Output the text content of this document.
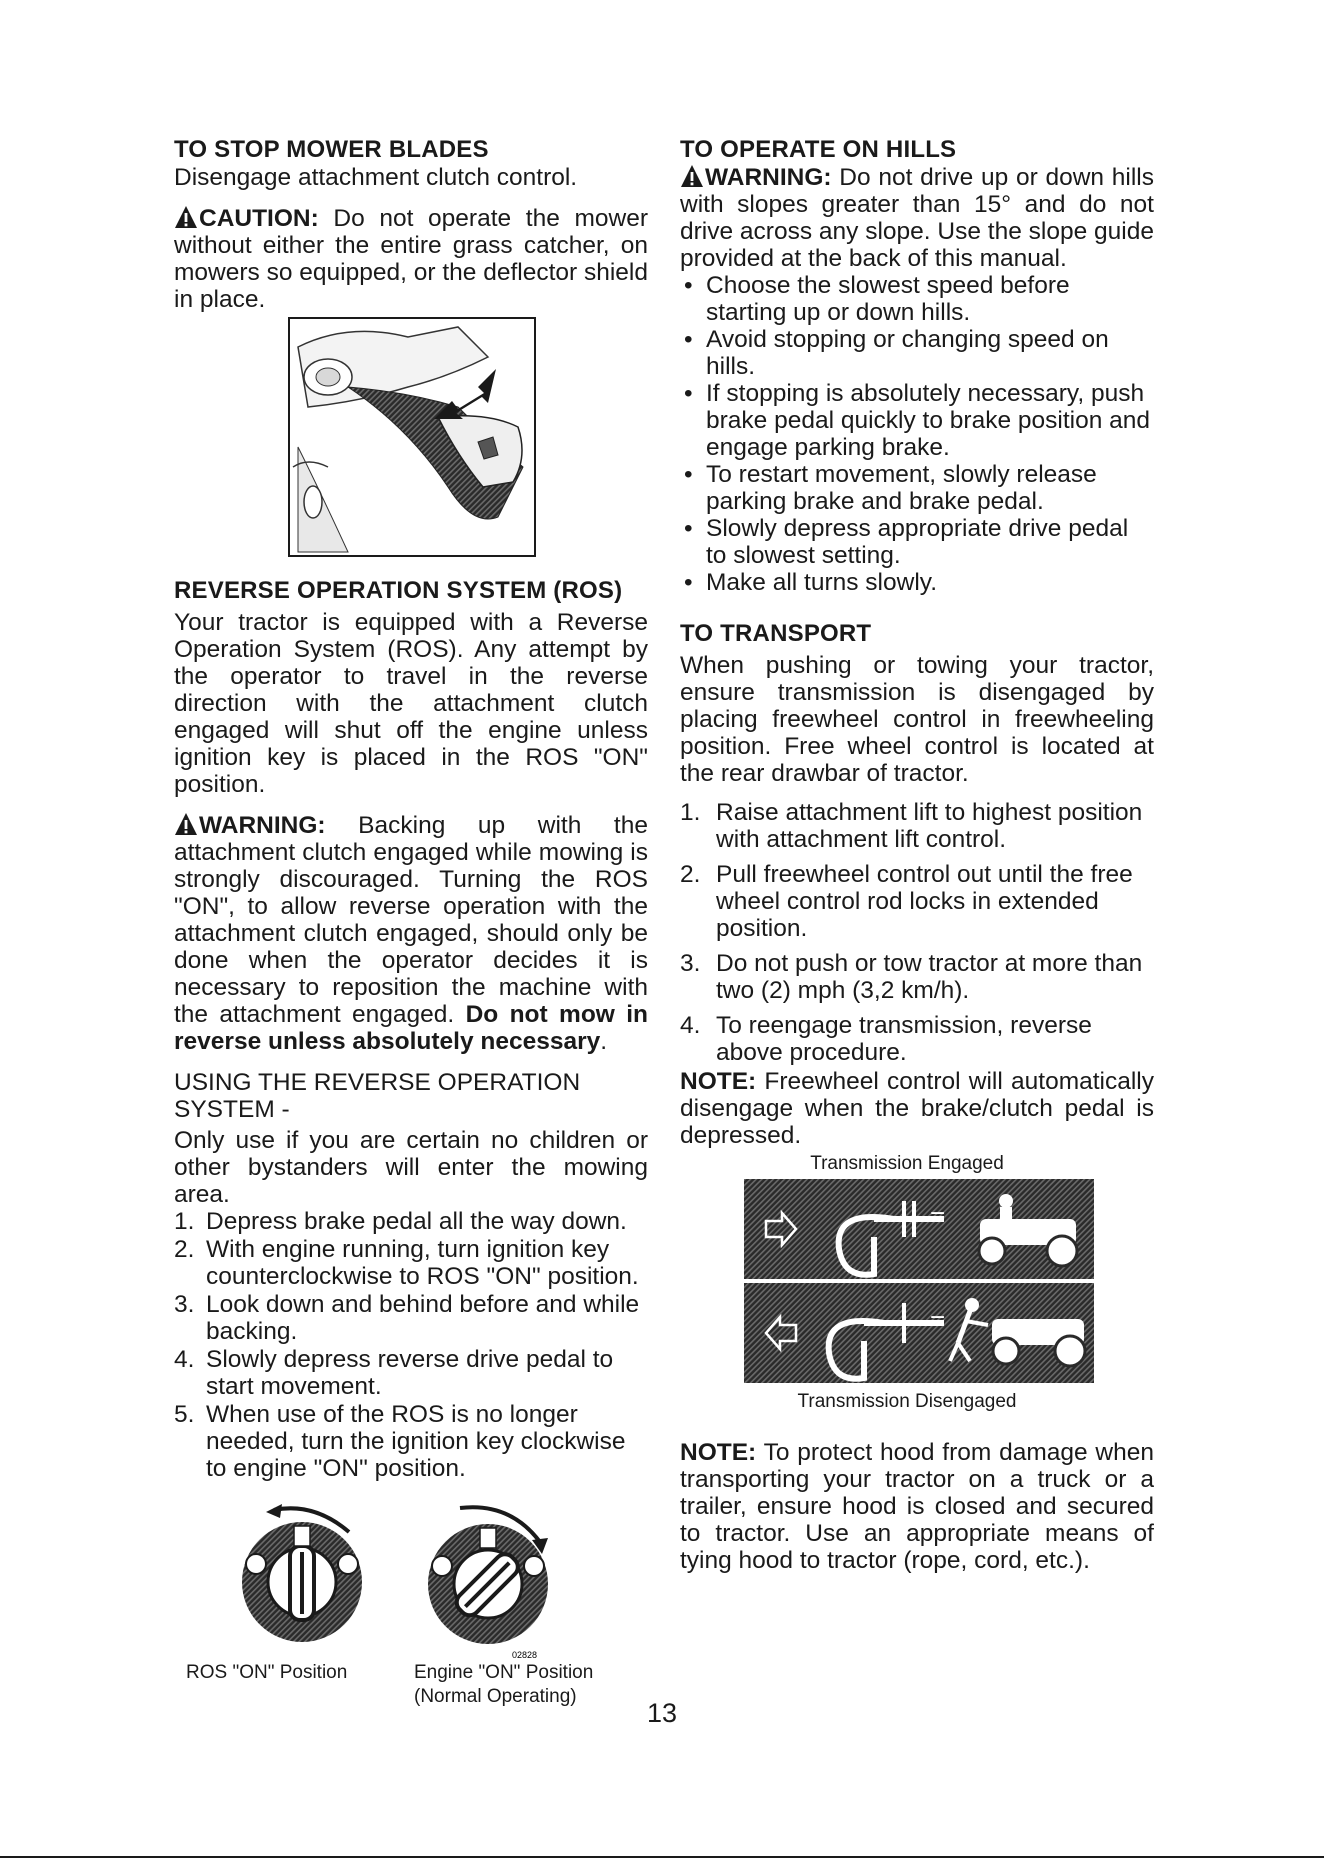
TO STOP MOWER BLADES

Disengage attachment clutch control.

CAUTION: Do not operate the mower without either the entire grass catcher, on mowers so equipped, or the deflector shield in place.

REVERSE OPERATION SYSTEM (ROS)

Your tractor is equipped with a Reverse Operation System (ROS). Any attempt by the operator to travel in the reverse direction with the attachment clutch engaged will shut off the engine unless ignition key is placed in the ROS "ON" position.

WARNING: Backing up with the attachment clutch engaged while mowing is strongly discouraged. Turning the ROS "ON", to allow reverse operation with the attachment clutch engaged, should only be done when the operator decides it is necessary to reposition the machine with the attachment engaged. Do not mow in reverse unless absolutely necessary.

USING THE REVERSE OPERATION SYSTEM -

Only use if you are certain no children or other bystanders will enter the mowing area.

1. Depress brake pedal all the way down.
2. With engine running, turn ignition key counterclockwise to ROS "ON" position.
3. Look down and behind before and while backing.
4. Slowly depress reverse drive pedal to start movement.
5. When use of the ROS is no longer needed, turn the ignition key clockwise to engine "ON" position.
02828
ROS "ON" Position	Engine "ON" Position
(Normal Operating)
TO OPERATE ON HILLS

WARNING: Do not drive up or down hills with slopes greater than 15° and do not drive across any slope. Use the slope guide provided at the back of this manual.

• Choose the slowest speed before starting up or down hills.
• Avoid stopping or changing speed on hills.
• If stopping is absolutely necessary, push brake pedal quickly to brake position and engage parking brake.
• To restart movement, slowly release parking brake and brake pedal.
• Slowly depress appropriate drive pedal to slowest setting.
• Make all turns slowly.
TO TRANSPORT

When pushing or towing your tractor, ensure transmission is disengaged by placing freewheel control in freewheeling position. Free wheel control is located at the rear drawbar of tractor.

1. Raise attachment lift to highest position with attachment lift control.
2. Pull freewheel control out until the free wheel control rod locks in extended position.
3. Do not push or tow tractor at more than two (2) mph (3,2 km/h).
4. To reengage transmission, reverse above procedure.

NOTE: Freewheel control will automatically disengage when the brake/clutch pedal is depressed.

Transmission Engaged
=
=
Transmission Disengaged

NOTE: To protect hood from damage when transporting your tractor on a truck or a trailer, ensure hood is closed and secured to tractor. Use an appropriate means of tying hood to tractor (rope, cord, etc.).

13
